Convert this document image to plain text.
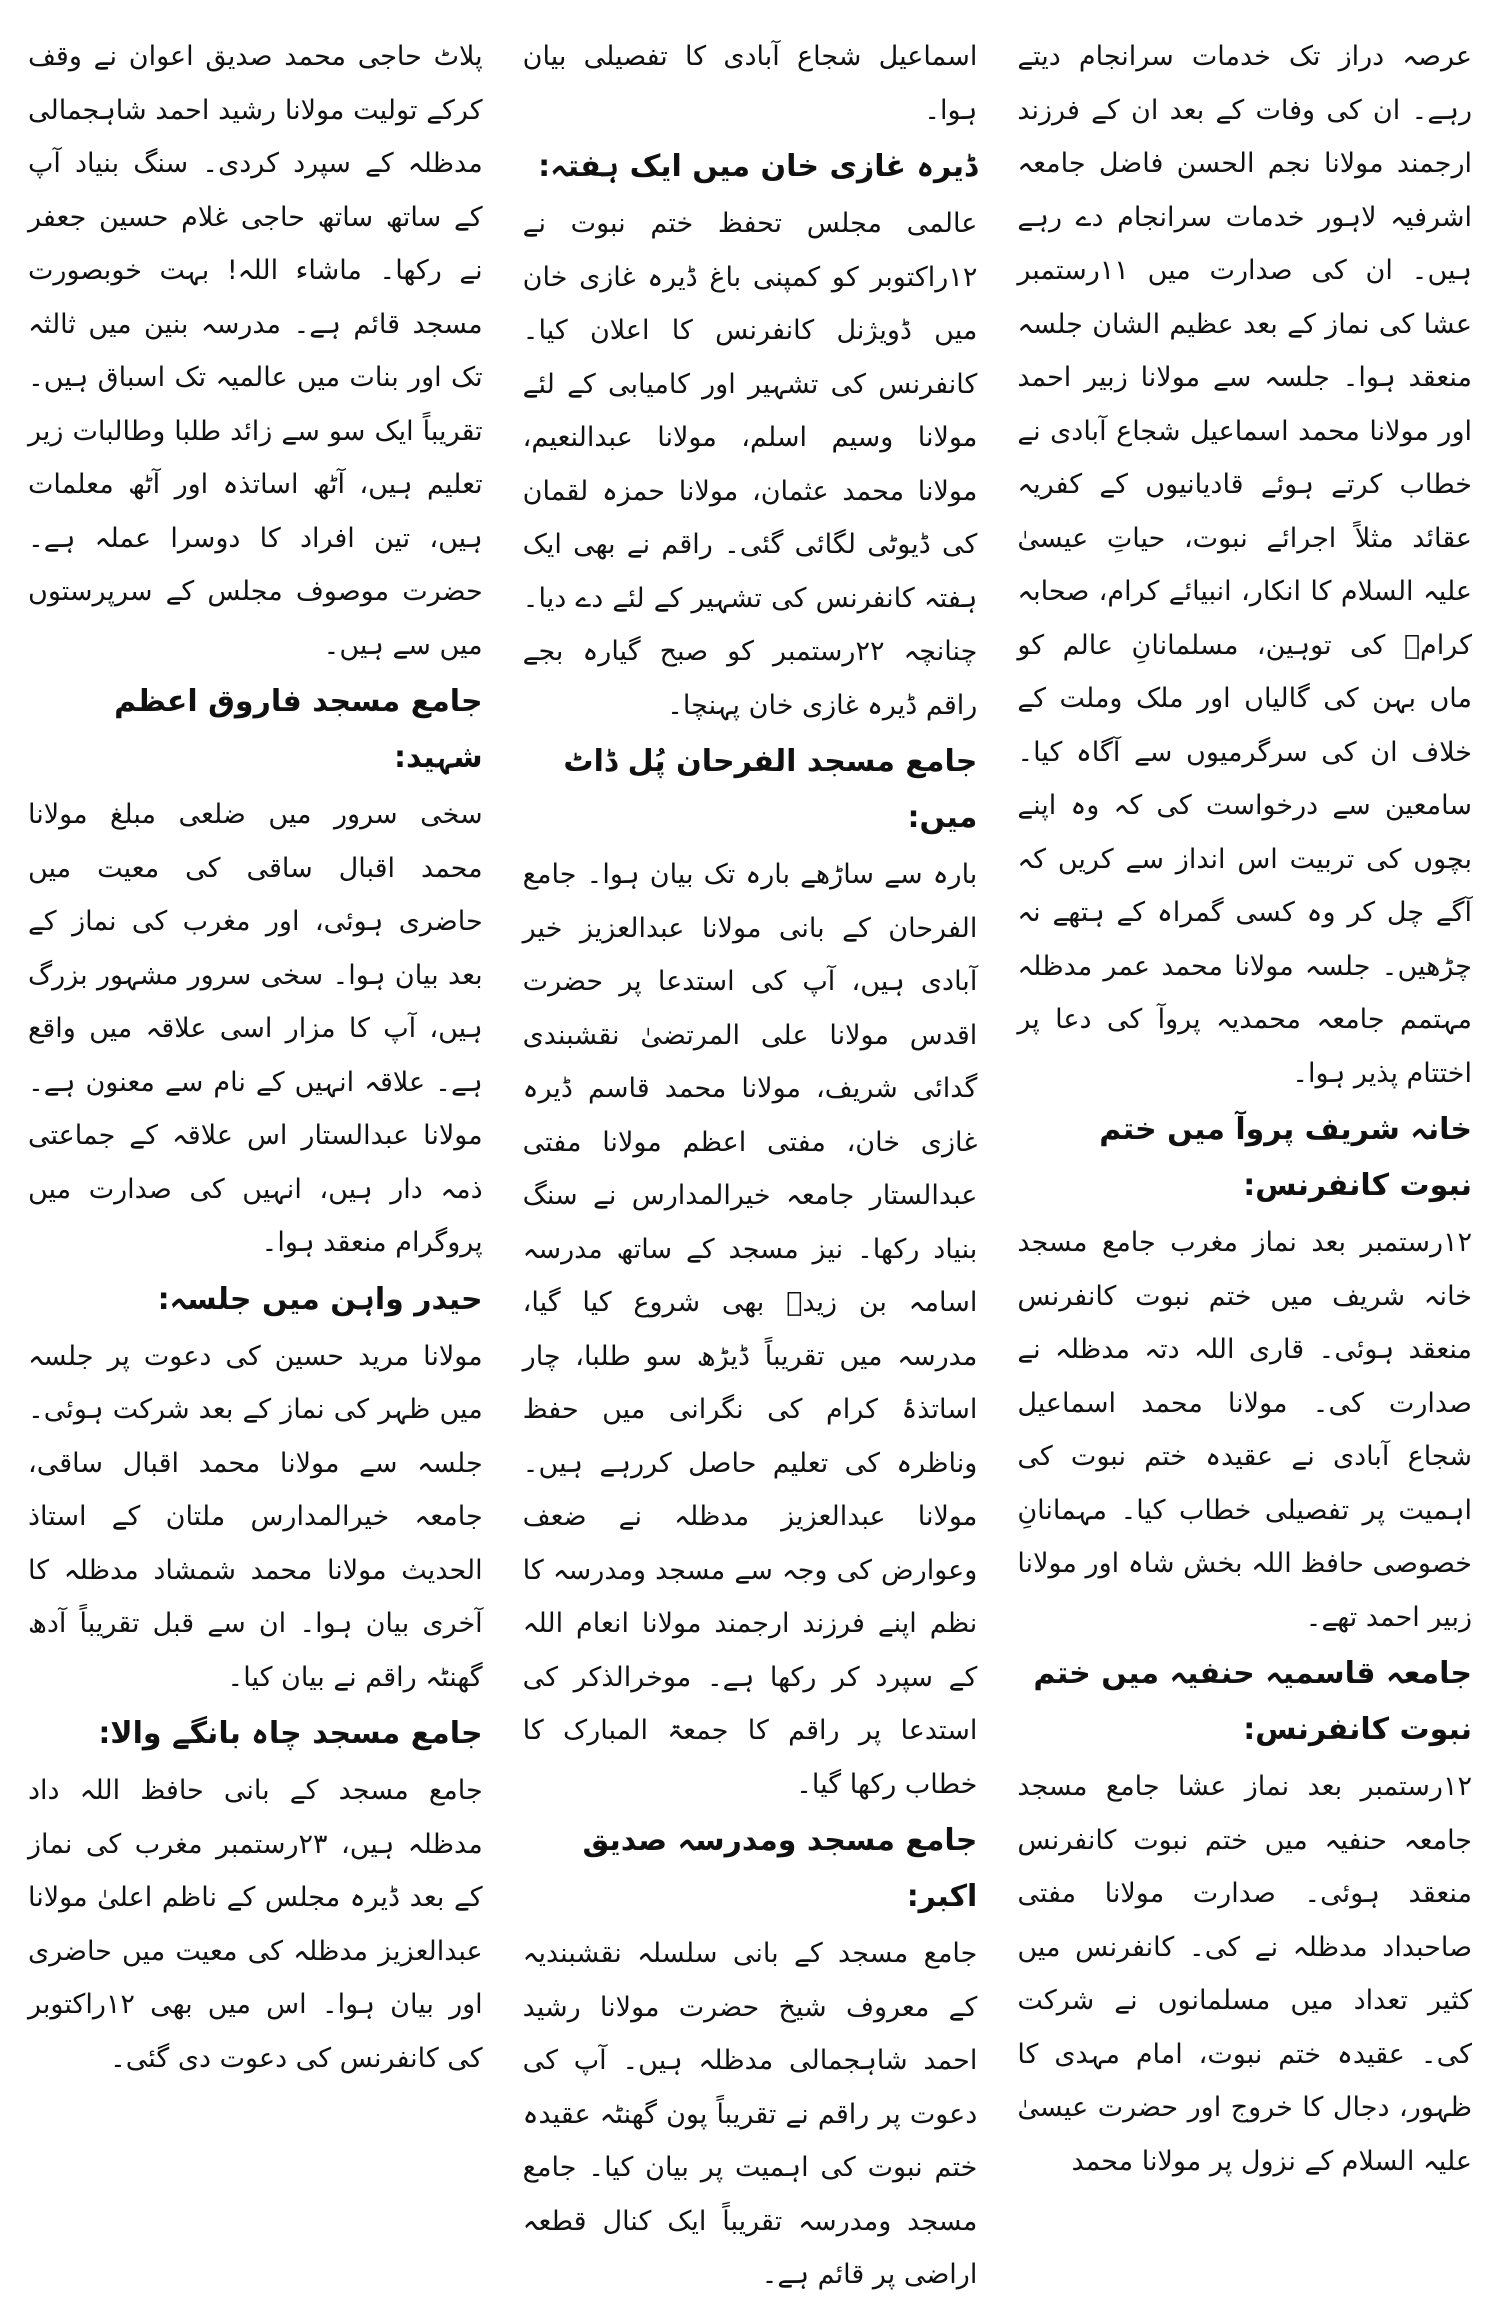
عرصہ دراز تک خدمات سرانجام دیتے رہے۔ ان کی وفات کے بعد ان کے فرزند ارجمند مولانا نجم الحسن فاضل جامعہ اشرفیہ لاہور خدمات سرانجام دے رہے ہیں۔ ان کی صدارت میں ۱۱رستمبر عشا کی نماز کے بعد عظیم الشان جلسہ منعقد ہوا۔ جلسہ سے مولانا زبیر احمد اور مولانا محمد اسماعیل شجاع آبادی نے خطاب کرتے ہوئے قادیانیوں کے کفریہ عقائد مثلاً اجرائے نبوت، حیاتِ عیسیٰ علیہ السلام کا انکار، انبیائے کرام، صحابہ کرامؓ کی توہین، مسلمانانِ عالم کو ماں بہن کی گالیاں اور ملک وملت کے خلاف ان کی سرگرمیوں سے آگاہ کیا۔ سامعین سے درخواست کی کہ وہ اپنے بچوں کی تربیت اس انداز سے کریں کہ آگے چل کر وہ کسی گمراہ کے ہتھے نہ چڑھیں۔ جلسہ مولانا محمد عمر مدظلہ مہتمم جامعہ محمدیہ پروآ کی دعا پر اختتام پذیر ہوا۔

خانہ شریف پروآ میں ختم نبوت کانفرنس:

۱۲رستمبر بعد نماز مغرب جامع مسجد خانہ شریف میں ختم نبوت کانفرنس منعقد ہوئی۔ قاری اللہ دتہ مدظلہ نے صدارت کی۔ مولانا محمد اسماعیل شجاع آبادی نے عقیدہ ختم نبوت کی اہمیت پر تفصیلی خطاب کیا۔ مہمانانِ خصوصی حافظ اللہ بخش شاہ اور مولانا زبیر احمد تھے۔

جامعہ قاسمیہ حنفیہ میں ختم نبوت کانفرنس:

۱۲رستمبر بعد نماز عشا جامع مسجد جامعہ حنفیہ میں ختم نبوت کانفرنس منعقد ہوئی۔ صدارت مولانا مفتی صاحبداد مدظلہ نے کی۔ کانفرنس میں کثیر تعداد میں مسلمانوں نے شرکت کی۔ عقیدہ ختم نبوت، امام مہدی کا ظہور، دجال کا خروج اور حضرت عیسیٰ علیہ السلام کے نزول پر مولانا محمد

اسماعیل شجاع آبادی کا تفصیلی بیان ہوا۔

ڈیرہ غازی خان میں ایک ہفتہ:

عالمی مجلس تحفظ ختم نبوت نے ۱۲راکتوبر کو کمپنی باغ ڈیرہ غازی خان میں ڈویژنل کانفرنس کا اعلان کیا۔ کانفرنس کی تشہیر اور کامیابی کے لئے مولانا وسیم اسلم، مولانا عبدالنعیم، مولانا محمد عثمان، مولانا حمزہ لقمان کی ڈیوٹی لگائی گئی۔ راقم نے بھی ایک ہفتہ کانفرنس کی تشہیر کے لئے دے دیا۔ چنانچہ ۲۲رستمبر کو صبح گیارہ بجے راقم ڈیرہ غازی خان پہنچا۔

جامع مسجد الفرحان پُل ڈاٹ میں:

بارہ سے ساڑھے بارہ تک بیان ہوا۔ جامع الفرحان کے بانی مولانا عبدالعزیز خیر آبادی ہیں، آپ کی استدعا پر حضرت اقدس مولانا علی المرتضیٰ نقشبندی گدائی شریف، مولانا محمد قاسم ڈیرہ غازی خان، مفتی اعظم مولانا مفتی عبدالستار جامعہ خیرالمدارس نے سنگ بنیاد رکھا۔ نیز مسجد کے ساتھ مدرسہ اسامہ بن زیدؓ بھی شروع کیا گیا، مدرسہ میں تقریباً ڈیڑھ سو طلبا، چار اساتذۂ کرام کی نگرانی میں حفظ وناظرہ کی تعلیم حاصل کررہے ہیں۔ مولانا عبدالعزیز مدظلہ نے ضعف وعوارض کی وجہ سے مسجد ومدرسہ کا نظم اپنے فرزند ارجمند مولانا انعام اللہ کے سپرد کر رکھا ہے۔ موخرالذکر کی استدعا پر راقم کا جمعۃ المبارک کا خطاب رکھا گیا۔

جامع مسجد ومدرسہ صدیق اکبر:

جامع مسجد کے بانی سلسلہ نقشبندیہ کے معروف شیخ حضرت مولانا رشید احمد شاہجمالی مدظلہ ہیں۔ آپ کی دعوت پر راقم نے تقریباً پون گھنٹہ عقیدہ ختم نبوت کی اہمیت پر بیان کیا۔ جامع مسجد ومدرسہ تقریباً ایک کنال قطعہ اراضی پر قائم ہے۔

پلاٹ حاجی محمد صدیق اعوان نے وقف کرکے تولیت مولانا رشید احمد شاہجمالی مدظلہ کے سپرد کردی۔ سنگ بنیاد آپ کے ساتھ ساتھ حاجی غلام حسین جعفر نے رکھا۔ ماشاء اللہ! بہت خوبصورت مسجد قائم ہے۔ مدرسہ بنین میں ثالثہ تک اور بنات میں عالمیہ تک اسباق ہیں۔ تقریباً ایک سو سے زائد طلبا وطالبات زیر تعلیم ہیں، آٹھ اساتذہ اور آٹھ معلمات ہیں، تین افراد کا دوسرا عملہ ہے۔ حضرت موصوف مجلس کے سرپرستوں میں سے ہیں۔

جامع مسجد فاروق اعظم شہید:

سخی سرور میں ضلعی مبلغ مولانا محمد اقبال ساقی کی معیت میں حاضری ہوئی، اور مغرب کی نماز کے بعد بیان ہوا۔ سخی سرور مشہور بزرگ ہیں، آپ کا مزار اسی علاقہ میں واقع ہے۔ علاقہ انہیں کے نام سے معنون ہے۔ مولانا عبدالستار اس علاقہ کے جماعتی ذمہ دار ہیں، انہیں کی صدارت میں پروگرام منعقد ہوا۔

حیدر واہن میں جلسہ:

مولانا مرید حسین کی دعوت پر جلسہ میں ظہر کی نماز کے بعد شرکت ہوئی۔ جلسہ سے مولانا محمد اقبال ساقی، جامعہ خیرالمدارس ملتان کے استاذ الحدیث مولانا محمد شمشاد مدظلہ کا آخری بیان ہوا۔ ان سے قبل تقریباً آدھ گھنٹہ راقم نے بیان کیا۔

جامع مسجد چاہ بانگے والا:

جامع مسجد کے بانی حافظ اللہ داد مدظلہ ہیں، ۲۳رستمبر مغرب کی نماز کے بعد ڈیرہ مجلس کے ناظم اعلیٰ مولانا عبدالعزیز مدظلہ کی معیت میں حاضری اور بیان ہوا۔ اس میں بھی ۱۲راکتوبر کی کانفرنس کی دعوت دی گئی۔
